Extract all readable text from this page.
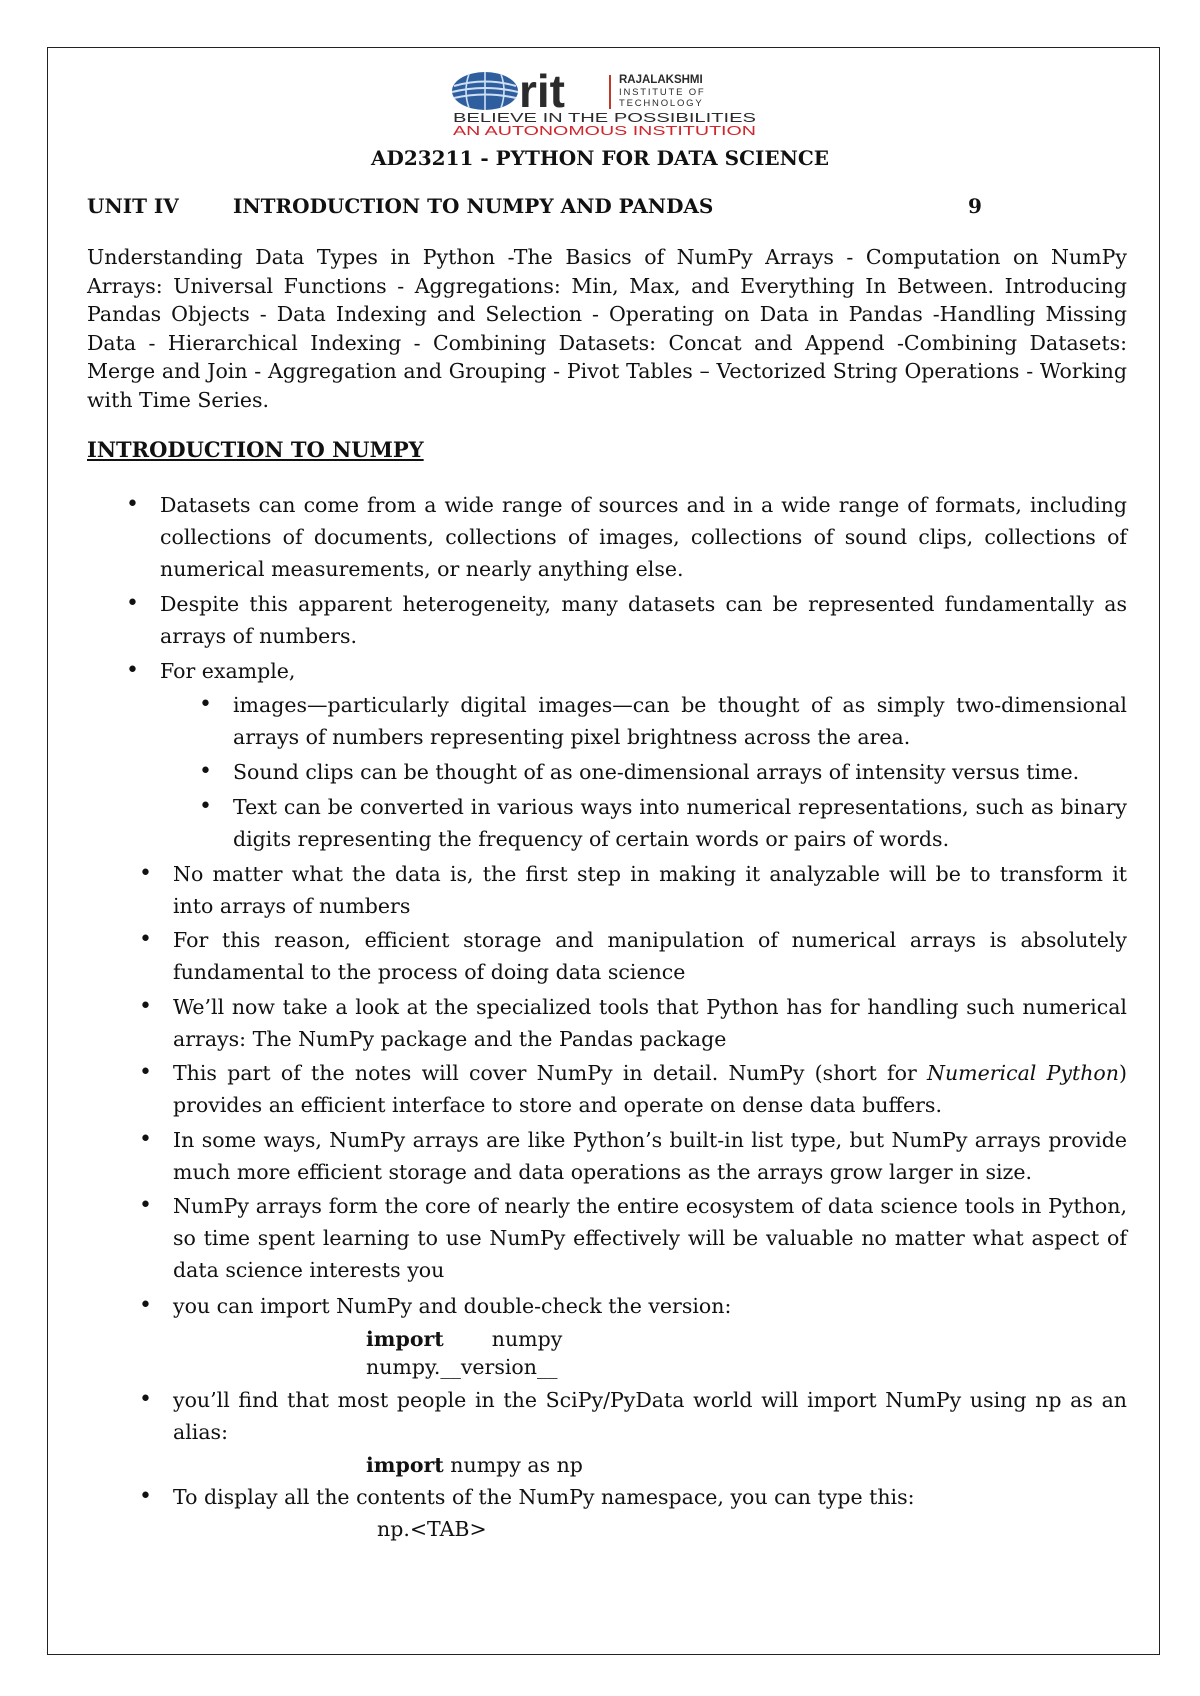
rit	RAJALAKSHMI
INSTITUTE OF
TECHNOLOGY
BELIEVE IN THE POSSIBILITIES
AN AUTONOMOUS INSTITUTION
AD23211 - PYTHON FOR DATA SCIENCE
UNIT IV	INTRODUCTION TO NUMPY AND PANDAS	9
Understanding Data Types in Python -The Basics of NumPy Arrays - Computation on NumPy Arrays: Universal Functions - Aggregations: Min, Max, and Everything In Between. Introducing Pandas Objects - Data Indexing and Selection - Operating on Data in Pandas -Handling Missing Data - Hierarchical Indexing - Combining Datasets: Concat and Append -Combining Datasets: Merge and Join - Aggregation and Grouping - Pivot Tables – Vectorized String Operations - Working with Time Series.
INTRODUCTION TO NUMPY
• Datasets can come from a wide range of sources and in a wide range of formats, including collections of documents, collections of images, collections of sound clips, collections of numerical measurements, or nearly anything else.
• Despite this apparent heterogeneity, many datasets can be represented fundamentally as arrays of numbers.
• For example,
• images—particularly digital images—can be thought of as simply two-dimensional arrays of numbers representing pixel brightness across the area.
• Sound clips can be thought of as one-dimensional arrays of intensity versus time.
• Text can be converted in various ways into numerical representations, such as binary digits representing the frequency of certain words or pairs of words.
• No matter what the data is, the first step in making it analyzable will be to transform it into arrays of numbers
• For this reason, efficient storage and manipulation of numerical arrays is absolutely fundamental to the process of doing data science
• We’ll now take a look at the specialized tools that Python has for handling such numerical arrays: The NumPy package and the Pandas package
• This part of the notes will cover NumPy in detail. NumPy (short for Numerical Python) provides an efficient interface to store and operate on dense data buffers.
• In some ways, NumPy arrays are like Python’s built-in list type, but NumPy arrays provide much more efficient storage and data operations as the arrays grow larger in size.
• NumPy arrays form the core of nearly the entire ecosystem of data science tools in Python, so time spent learning to use NumPy effectively will be valuable no matter what aspect of data science interests you
• you can import NumPy and double-check the version:
import numpy
numpy.__version__
• you’ll find that most people in the SciPy/PyData world will import NumPy using np as an alias:
import numpy as np
• To display all the contents of the NumPy namespace, you can type this:
np.<TAB>
